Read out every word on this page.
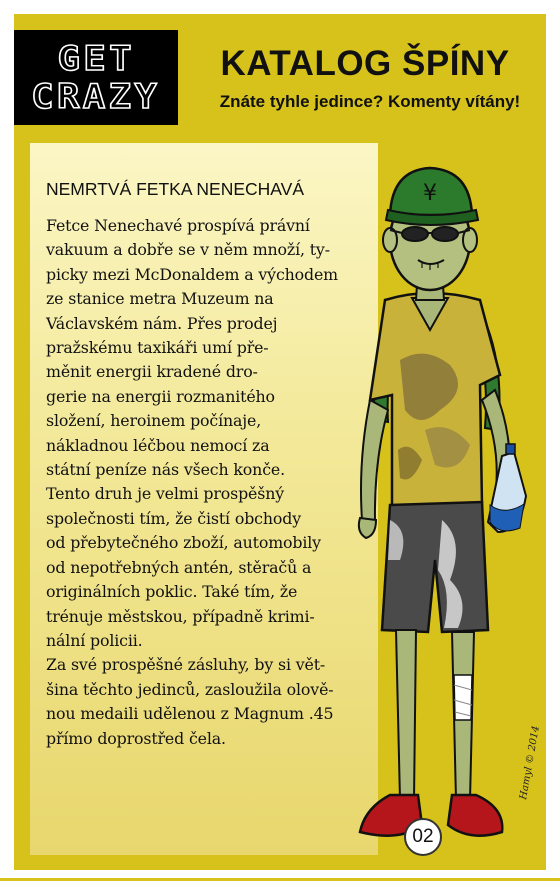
GET
CRAZY
KATALOG ŠPÍNY
Znáte tyhle jedince? Komenty vítány!
NEMRTVÁ FETKA NENECHAVÁ
Fetce Nenechavé prospívá právní
vakuum a dobře se v něm množí, ty-
picky mezi McDonaldem a východem
ze stanice metra Muzeum na
Václavském nám. Přes prodej
pražskému taxikáři umí pře-
měnit energii kradené dro-
gerie na energii rozmanitého
složení, heroinem počínaje,
nákladnou léčbou nemocí za
státní peníze nás všech konče.
Tento druh je velmi prospěšný
společnosti tím, že čistí obchody
od přebytečného zboží, automobily
od nepotřebných antén, stěračů a
originálních poklic. Také tím, že
trénuje městskou, případně krimi-
nální policii.
Za své prospěšné zásluhy, by si vět-
šina těchto jedinců, zasloužila olově-
nou medaili udělenou z Magnum .45
přímo doprostřed čela.
¥
Hamyl © 2014
02
